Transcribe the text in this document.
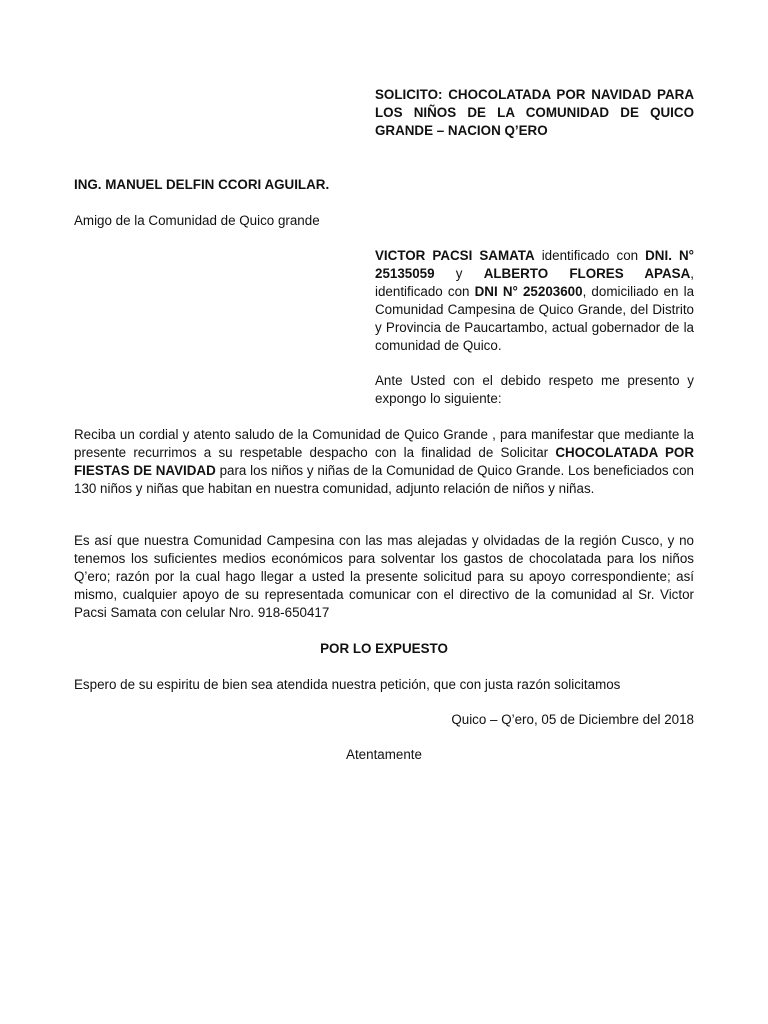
SOLICITO: CHOCOLATADA POR NAVIDAD PARA LOS NIÑOS DE LA COMUNIDAD DE QUICO GRANDE – NACION Q’ERO
ING. MANUEL DELFIN CCORI AGUILAR.
Amigo de la Comunidad de Quico grande
VICTOR PACSI SAMATA identificado con DNI. N° 25135059 y ALBERTO FLORES APASA, identificado con DNI N° 25203600, domiciliado en la Comunidad Campesina de Quico Grande, del Distrito y Provincia de Paucartambo, actual gobernador de la comunidad de Quico.
Ante Usted con el debido respeto me presento y expongo lo siguiente:
Reciba un cordial y atento saludo de la Comunidad de Quico Grande , para manifestar que mediante la presente recurrimos a su respetable despacho con la finalidad de Solicitar CHOCOLATADA POR FIESTAS DE NAVIDAD para los niños y niñas de la Comunidad de Quico Grande. Los beneficiados con 130 niños y niñas que habitan en nuestra comunidad, adjunto relación de niños y niñas.
Es así que nuestra Comunidad Campesina con las mas alejadas y olvidadas de la región Cusco, y no tenemos los suficientes medios económicos para solventar los gastos de chocolatada para los niños Q’ero; razón por la cual hago llegar a usted la presente solicitud para su apoyo correspondiente; así mismo, cualquier apoyo de su representada comunicar con el directivo de la comunidad al Sr. Victor Pacsi Samata con celular Nro. 918-650417
POR LO EXPUESTO
Espero de su espiritu de bien sea atendida nuestra petición, que con justa razón solicitamos
Quico – Q’ero, 05 de Diciembre del 2018
Atentamente
